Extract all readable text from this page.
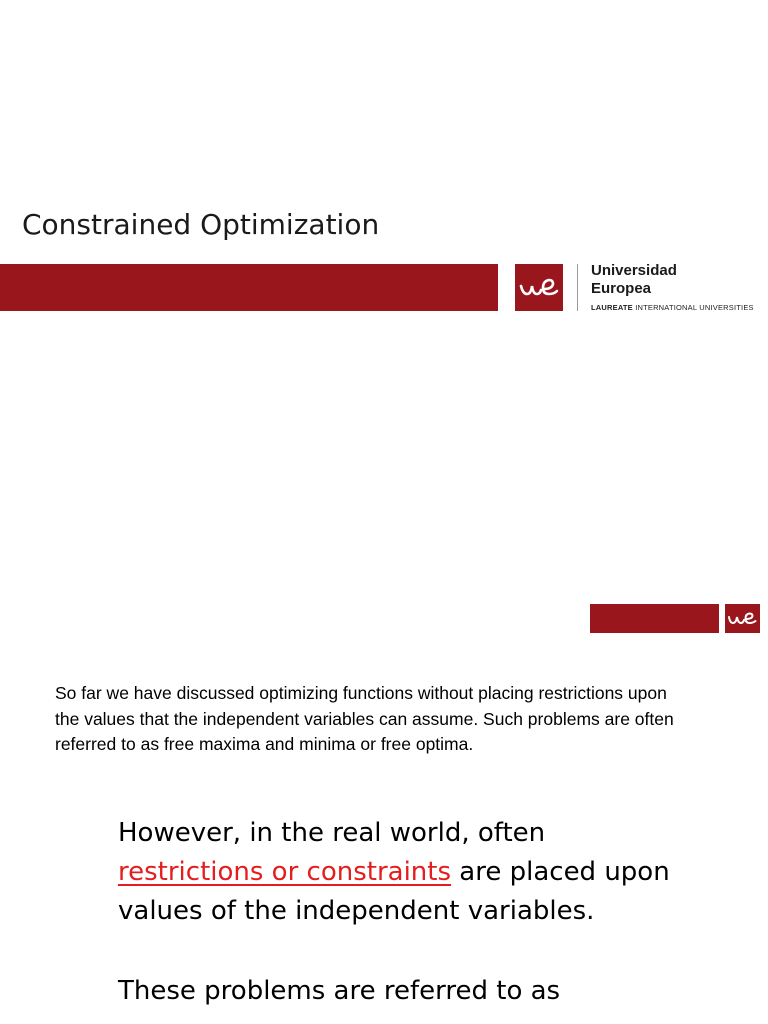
Constrained Optimization
Universidad
Europea
LAUREATE INTERNATIONAL UNIVERSITIES
So far we have discussed optimizing functions without placing restrictions upon the values that the independent variables can assume. Such problems are often referred to as free maxima and minima or free optima.

However, in the real world, often
restrictions or constraints are placed upon values of the independent variables.

These problems are referred to as
